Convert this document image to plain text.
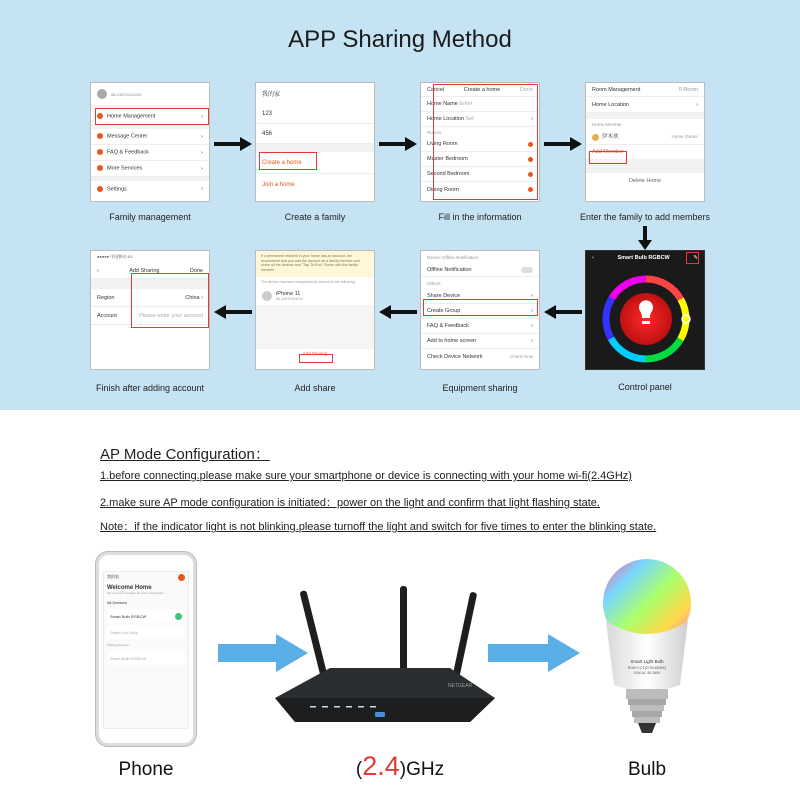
APP Sharing Method
86-13570104234
Home Management	›
Message Center	›
FAQ & Feedback	›
More Services	›
Settings	›
Family management
我的家
123
456
Create a home
Join a home
Create a family
Cancel	Create a home	Done
Home Name Enter
Home Location Set	›
Rooms
Living Room
Master Bedroom
Second Bedroom
Dining Room
Fill in the information
Room Management	0 Room
Home Location	›
Home Member
伊木欢	Home Owner
Add Member
Delete Home
Enter the family to add members
‹	Smart Bulb RGBCW	✎
Control panel
Device Offline Notification
Offline Notification
Others
Share Device	›
Create Group	›
FAQ & Feedback	›
Add to home screen	›
Check Device Network	Check Now
Equipment sharing
If a permanent resident in your home has an account, we recommend that you add the account as a family member and share all the devices and "Tap-To-Run" Scene with the family member
The device has been independently shared to the following
iPhone 11
86-13570104234
Add Sharing
Add share
●●●●● 中国移动 4G
‹	Add Sharing	Done
Region	China ›
Account	Please enter your account
Finish after adding account
AP Mode Configuration：
1.before connecting.please make sure your smartphone or device is connecting with your home wi-fi(2.4GHz)
2.make sure AP mode configuration is initiated：power on the light and confirm that light flashing state.
Note：if the indicator light is not blinking.please turnoff the light and switch for five times to enter the blinking state.
我的家
Welcome Home
Set the home location for more information
All Devices
Smart Bulb RGBCW
Smart Led Strip
Sharing Devices
Smart Bulb RGBCW
Phone
NETGEAR
(2.4)GHz
Smart Light Bulb
RGB+CCT(2700-6500K)
10W AC 85-265V
Bulb
